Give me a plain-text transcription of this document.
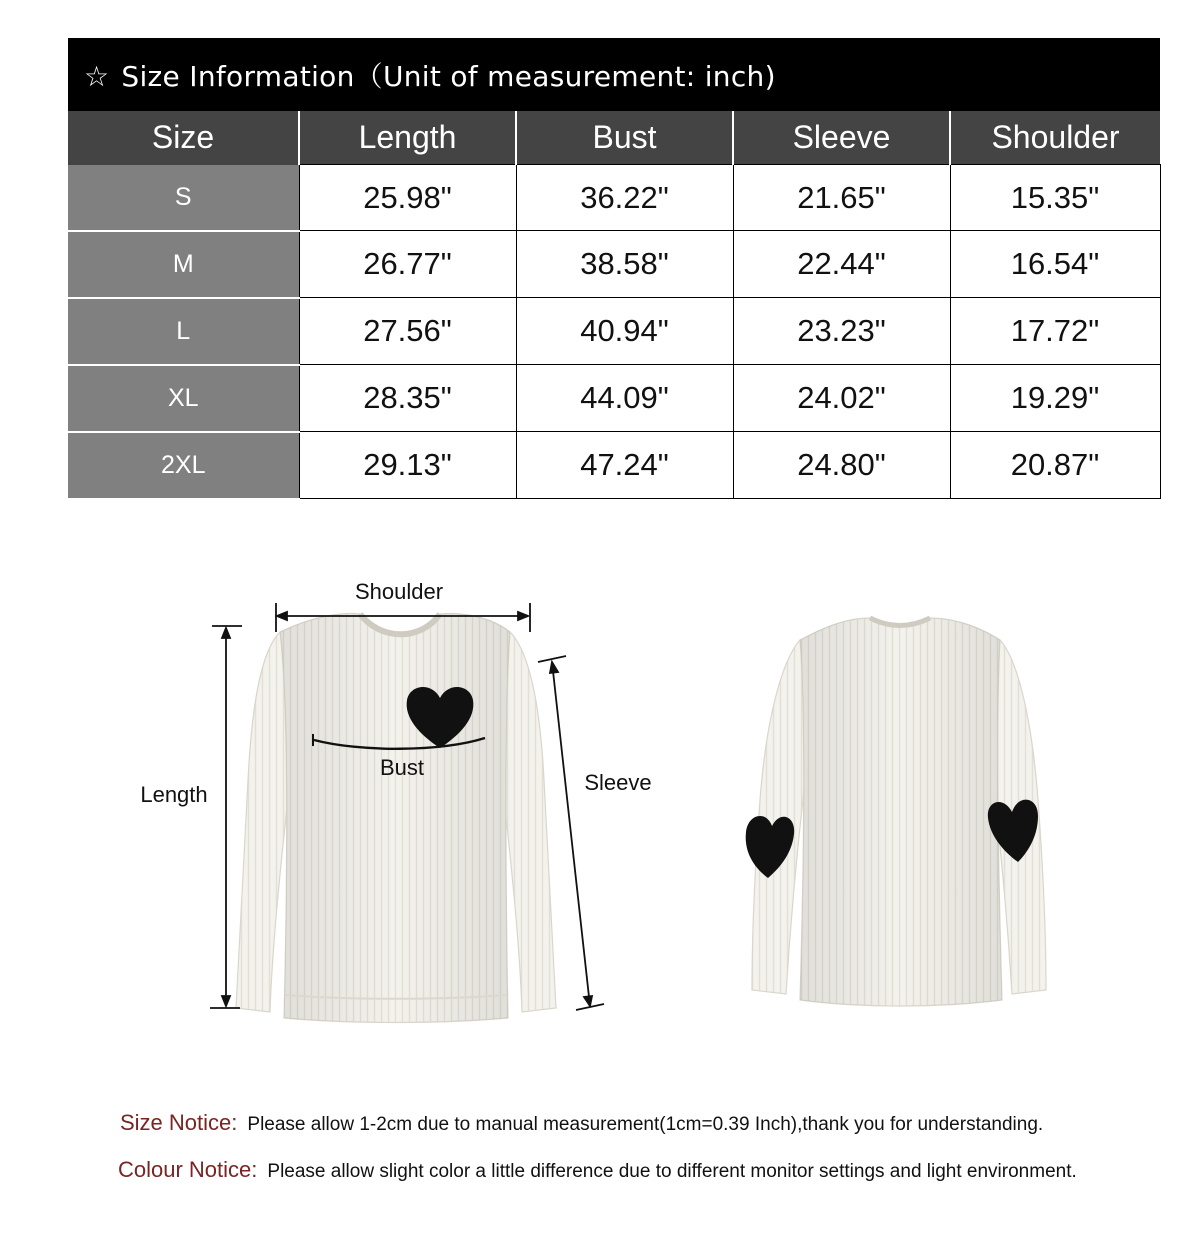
☆ Size Information（Unit of measurement: inch)				
Size	Length	Bust	Sleeve	Shoulder
S	25.98"	36.22"	21.65"	15.35"
M	26.77"	38.58"	22.44"	16.54"
L	27.56"	40.94"	23.23"	17.72"
XL	28.35"	44.09"	24.02"	19.29"
2XL	29.13"	47.24"	24.80"	20.87"
Shoulder
Bust
Length	Sleeve
Size Notice: Please allow 1-2cm due to manual measurement(1cm=0.39 Inch),thank you for understanding.
Colour Notice: Please allow slight color a little difference due to different monitor settings and light environment.
